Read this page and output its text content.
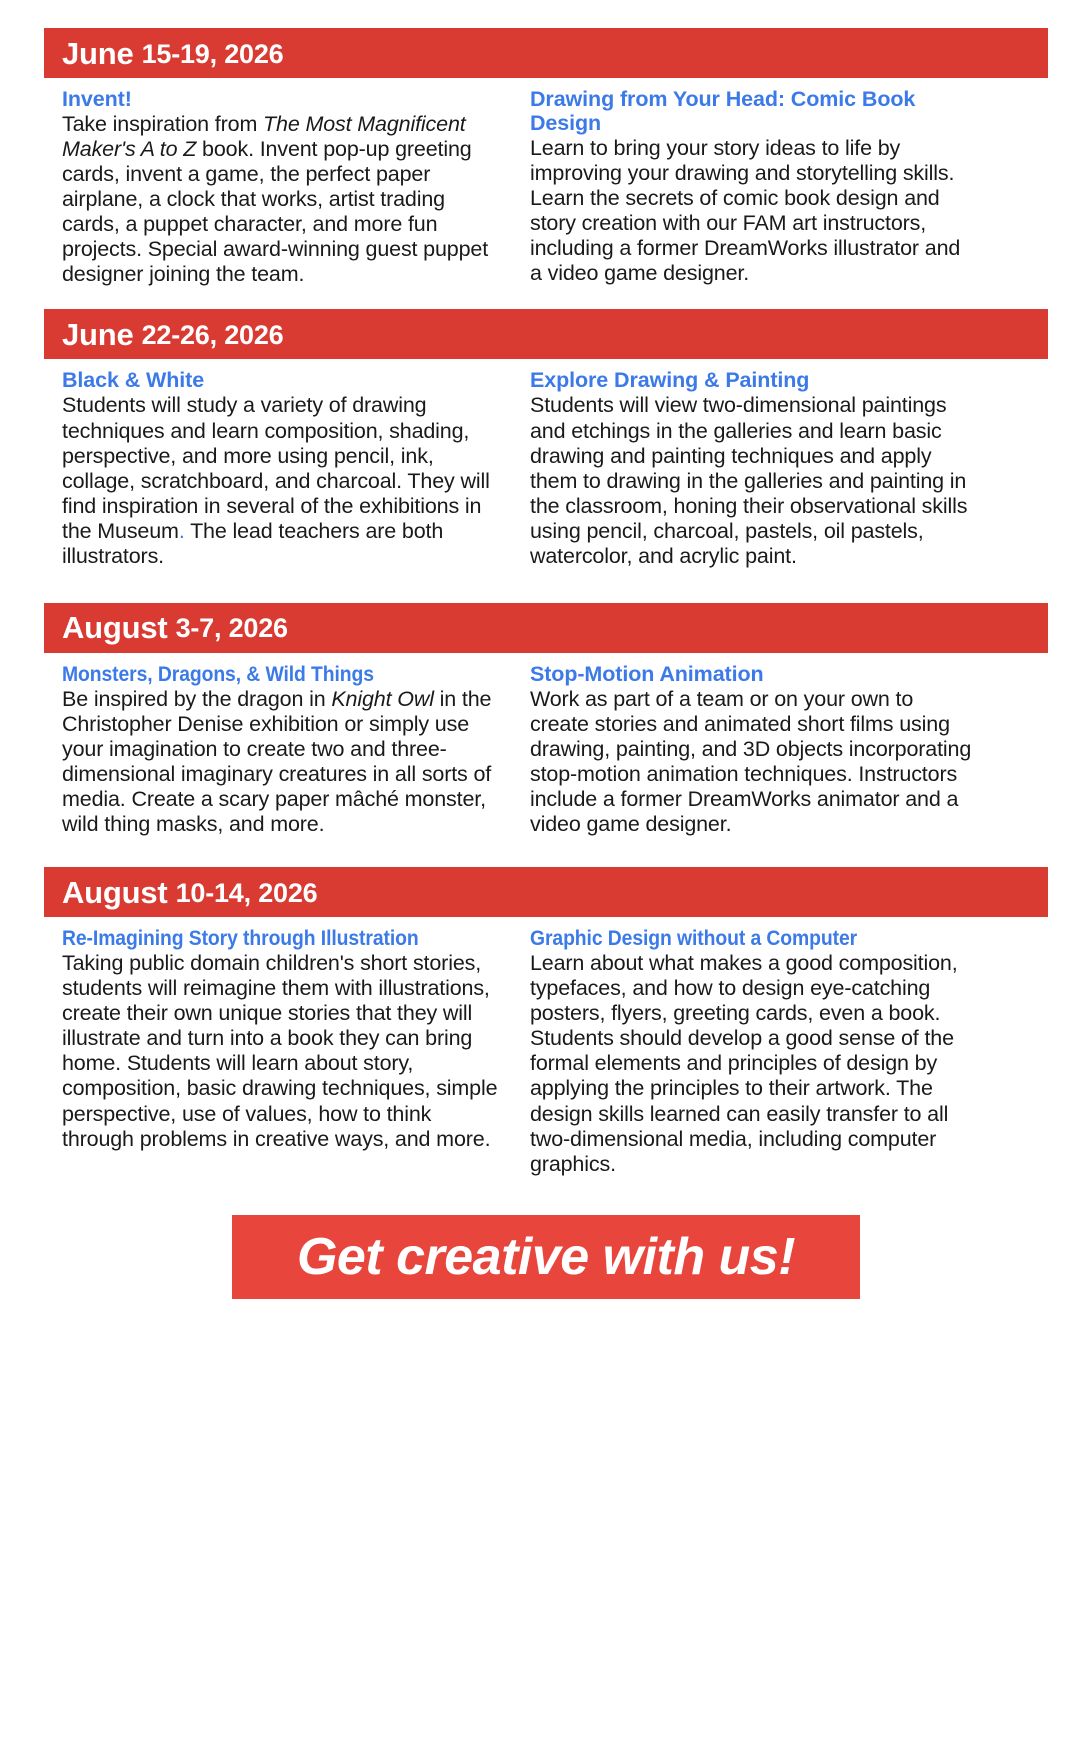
June 15-19, 2026
Invent!

Take inspiration from The Most Magnificent Maker's A to Z book. Invent pop-up greeting cards, invent a game, the perfect paper airplane, a clock that works, artist trading cards, a puppet character, and more fun projects. Special award-winning guest puppet designer joining the team.

Drawing from Your Head: Comic Book Design

Learn to bring your story ideas to life by improving your drawing and storytelling skills. Learn the secrets of comic book design and story creation with our FAM art instructors, including a former DreamWorks illustrator and a video game designer.

June 22-26, 2026
Black & White

Students will study a variety of drawing techniques and learn composition, shading, perspective, and more using pencil, ink, collage, scratchboard, and charcoal. They will find inspiration in several of the exhibitions in the Museum. The lead teachers are both illustrators.

Explore Drawing & Painting

Students will view two-dimensional paintings and etchings in the galleries and learn basic drawing and painting techniques and apply them to drawing in the galleries and painting in the classroom, honing their observational skills using pencil, charcoal, pastels, oil pastels, watercolor, and acrylic paint.

August 3-7, 2026
Monsters, Dragons, & Wild Things

Be inspired by the dragon in Knight Owl in the Christopher Denise exhibition or simply use your imagination to create two and three-dimensional imaginary creatures in all sorts of media. Create a scary paper mâché monster, wild thing masks, and more.

Stop-Motion Animation

Work as part of a team or on your own to create stories and animated short films using drawing, painting, and 3D objects incorporating stop-motion animation techniques. Instructors include a former DreamWorks animator and a video game designer.

August 10-14, 2026
Re-Imagining Story through Illustration

Taking public domain children's short stories, students will reimagine them with illustrations, create their own unique stories that they will illustrate and turn into a book they can bring home. Students will learn about story, composition, basic drawing techniques, simple perspective, use of values, how to think through problems in creative ways, and more.

Graphic Design without a Computer

Learn about what makes a good composition, typefaces, and how to design eye-catching posters, flyers, greeting cards, even a book. Students should develop a good sense of the formal elements and principles of design by applying the principles to their artwork. The design skills learned can easily transfer to all two-dimensional media, including computer graphics.

Get creative with us!
